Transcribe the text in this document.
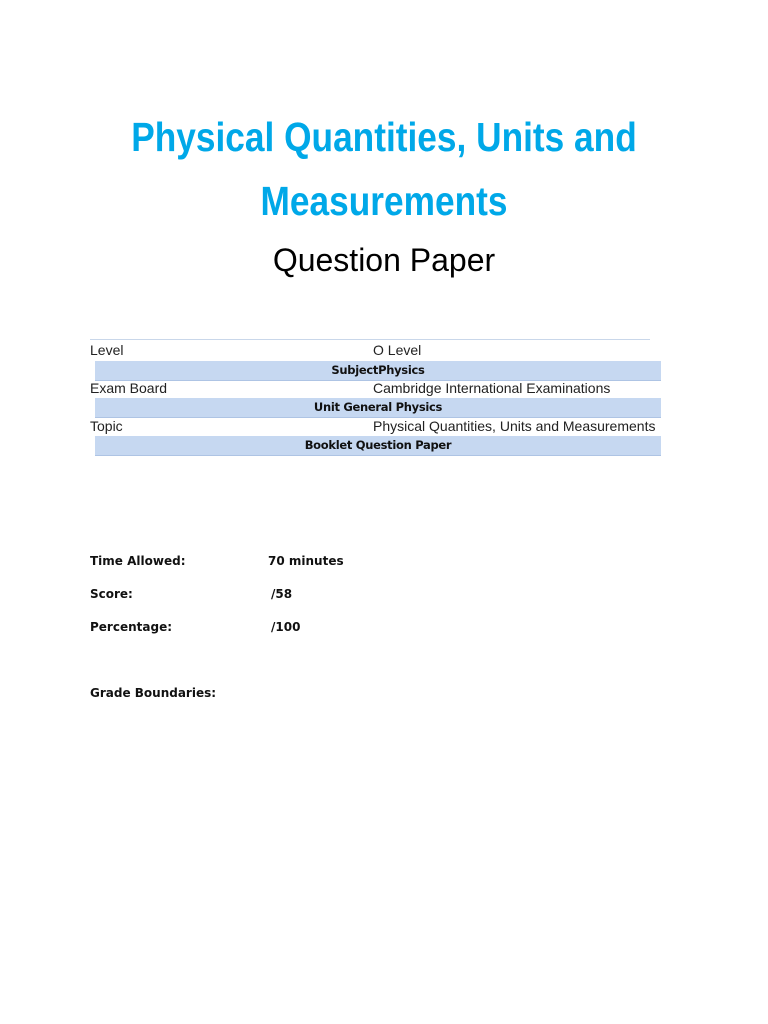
Physical Quantities, Units and
Measurements
Question Paper
Level	O Level
SubjectPhysics
Exam Board	Cambridge International Examinations
Unit General Physics
Topic	Physical Quantities, Units and Measurements
Booklet Question Paper
Time Allowed:	70 minutes
Score:	/58
Percentage:	/100
Grade Boundaries:
